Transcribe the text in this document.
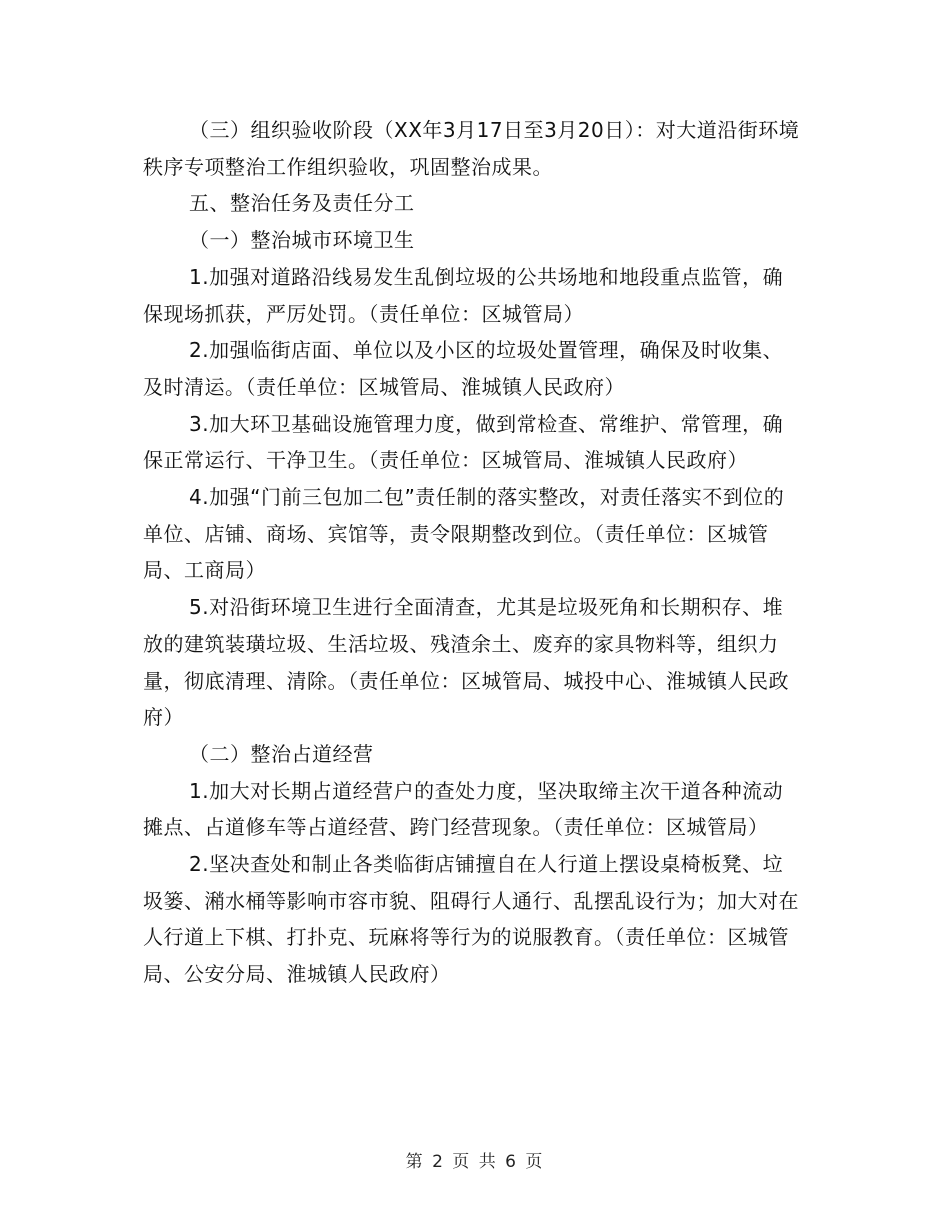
（三）组织验收阶段（XX年3月17日至3月20日）：对大道沿街环境秩序专项整治工作组织验收，巩固整治成果。

五、整治任务及责任分工

（一）整治城市环境卫生

1.加强对道路沿线易发生乱倒垃圾的公共场地和地段重点监管，确保现场抓获，严厉处罚。（责任单位：区城管局）

2.加强临街店面、单位以及小区的垃圾处置管理，确保及时收集、及时清运。（责任单位：区城管局、淮城镇人民政府）

3.加大环卫基础设施管理力度，做到常检查、常维护、常管理，确保正常运行、干净卫生。（责任单位：区城管局、淮城镇人民政府）

4.加强“门前三包加二包”责任制的落实整改，对责任落实不到位的单位、店铺、商场、宾馆等，责令限期整改到位。（责任单位：区城管局、工商局）

5.对沿街环境卫生进行全面清查，尤其是垃圾死角和长期积存、堆放的建筑装璜垃圾、生活垃圾、残渣余土、废弃的家具物料等，组织力量，彻底清理、清除。（责任单位：区城管局、城投中心、淮城镇人民政府）

（二）整治占道经营

1.加大对长期占道经营户的查处力度，坚决取缔主次干道各种流动摊点、占道修车等占道经营、跨门经营现象。（责任单位：区城管局）

2.坚决查处和制止各类临街店铺擅自在人行道上摆设桌椅板凳、垃圾篓、潲水桶等影响市容市貌、阻碍行人通行、乱摆乱设行为；加大对在人行道上下棋、打扑克、玩麻将等行为的说服教育。（责任单位：区城管局、公安分局、淮城镇人民政府）

第 2 页 共 6 页
